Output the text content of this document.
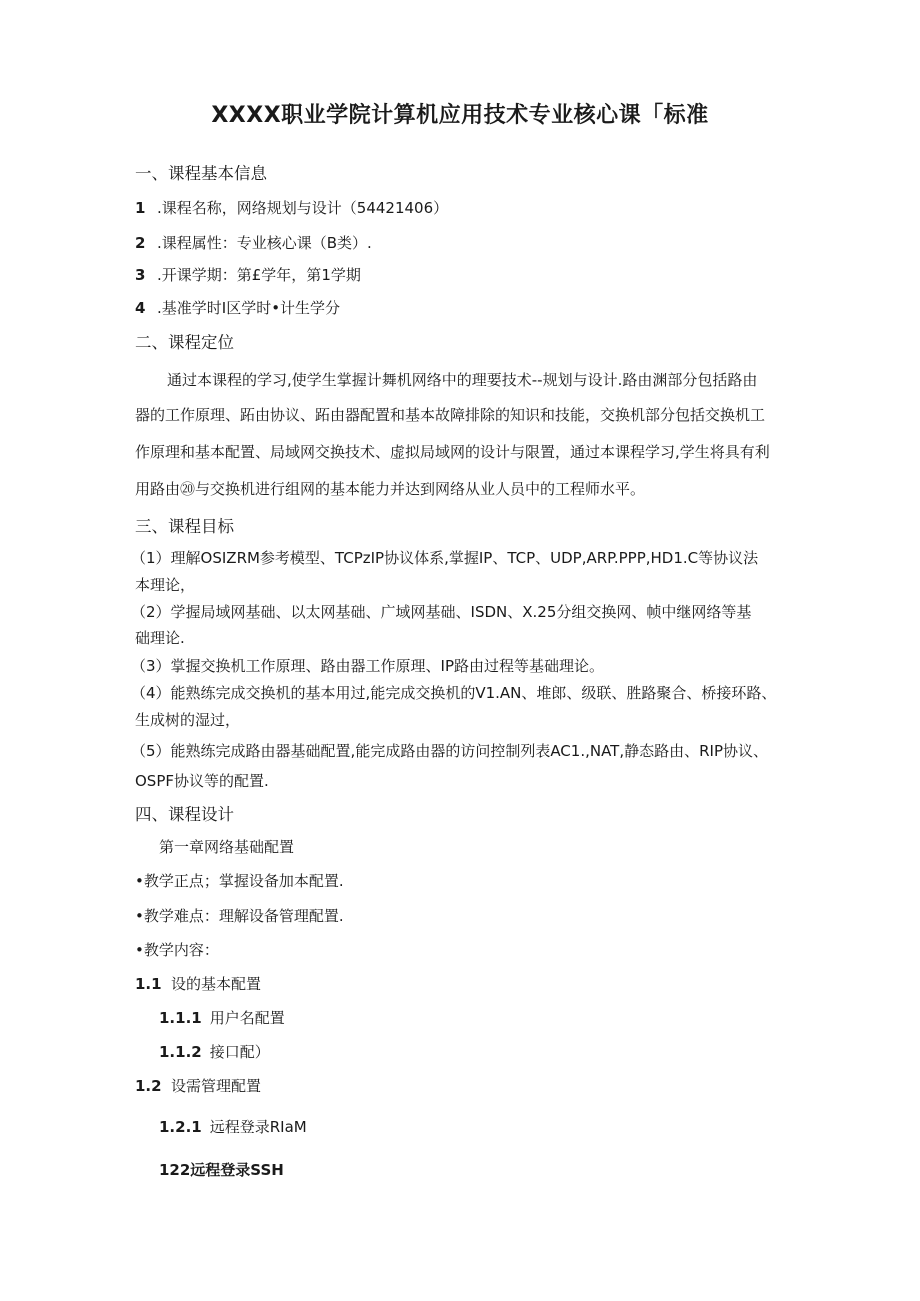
XXXX职业学院计算机应用技术专业核心课「标准
一、课程基本信息
1 .课程名称，网络规划与设计（54421406）
2 .课程属性：专业核心课（B类）.
3 .开课学期：第£学年，第1学期
4 .基准学时I区学时•计生学分
二、课程定位
通过本课程的学习,使学生掌握计舞机网络中的理要技术--规划与设计.路由渊部分包括路由
器的工作原理、跖由协议、跖由器配置和基本故障排除的知识和技能，交换机部分包括交换机工
作原理和基本配置、局域网交换技术、虚拟局域网的设计与限置，通过本课程学习,学生将具有利
用路由⑳与交换机进行组网的基本能力并达到网络从业人员中的工程师水平。
三、课程目标
（1）理解OSIZRM参考模型、TCPzIP协议体系,掌握IP、TCP、UDP,ARP.PPP,HD1.C等协议法
本理论，
（2）学握局域网基础、以太网基础、广域网基础、ISDN、X.25分组交换网、帧中继网络等基
础理论.
（3）掌握交换机工作原理、路由器工作原理、IP路由过程等基础理论。
（4）能熟练完成交换机的基本用过,能完成交换机的V1.AN、堆郎、级联、胜路聚合、桥接环路、
生成树的湿过，
（5）能熟练完成路由器基础配置,能完成路由器的访问控制列表AC1.,NAT,静态路由、RIP协议、
OSPF协议等的配置.
四、课程设计
第一章网络基础配置
•教学正点；掌握设备加本配置.
•教学难点：理解设备管理配置.
•教学内容：
1.1 设的基本配置
1.1.1 用户名配置
1.1.2 接口配）
1.2 设需管理配置
1.2.1 远程登录RIaM
122远程登录SSH
